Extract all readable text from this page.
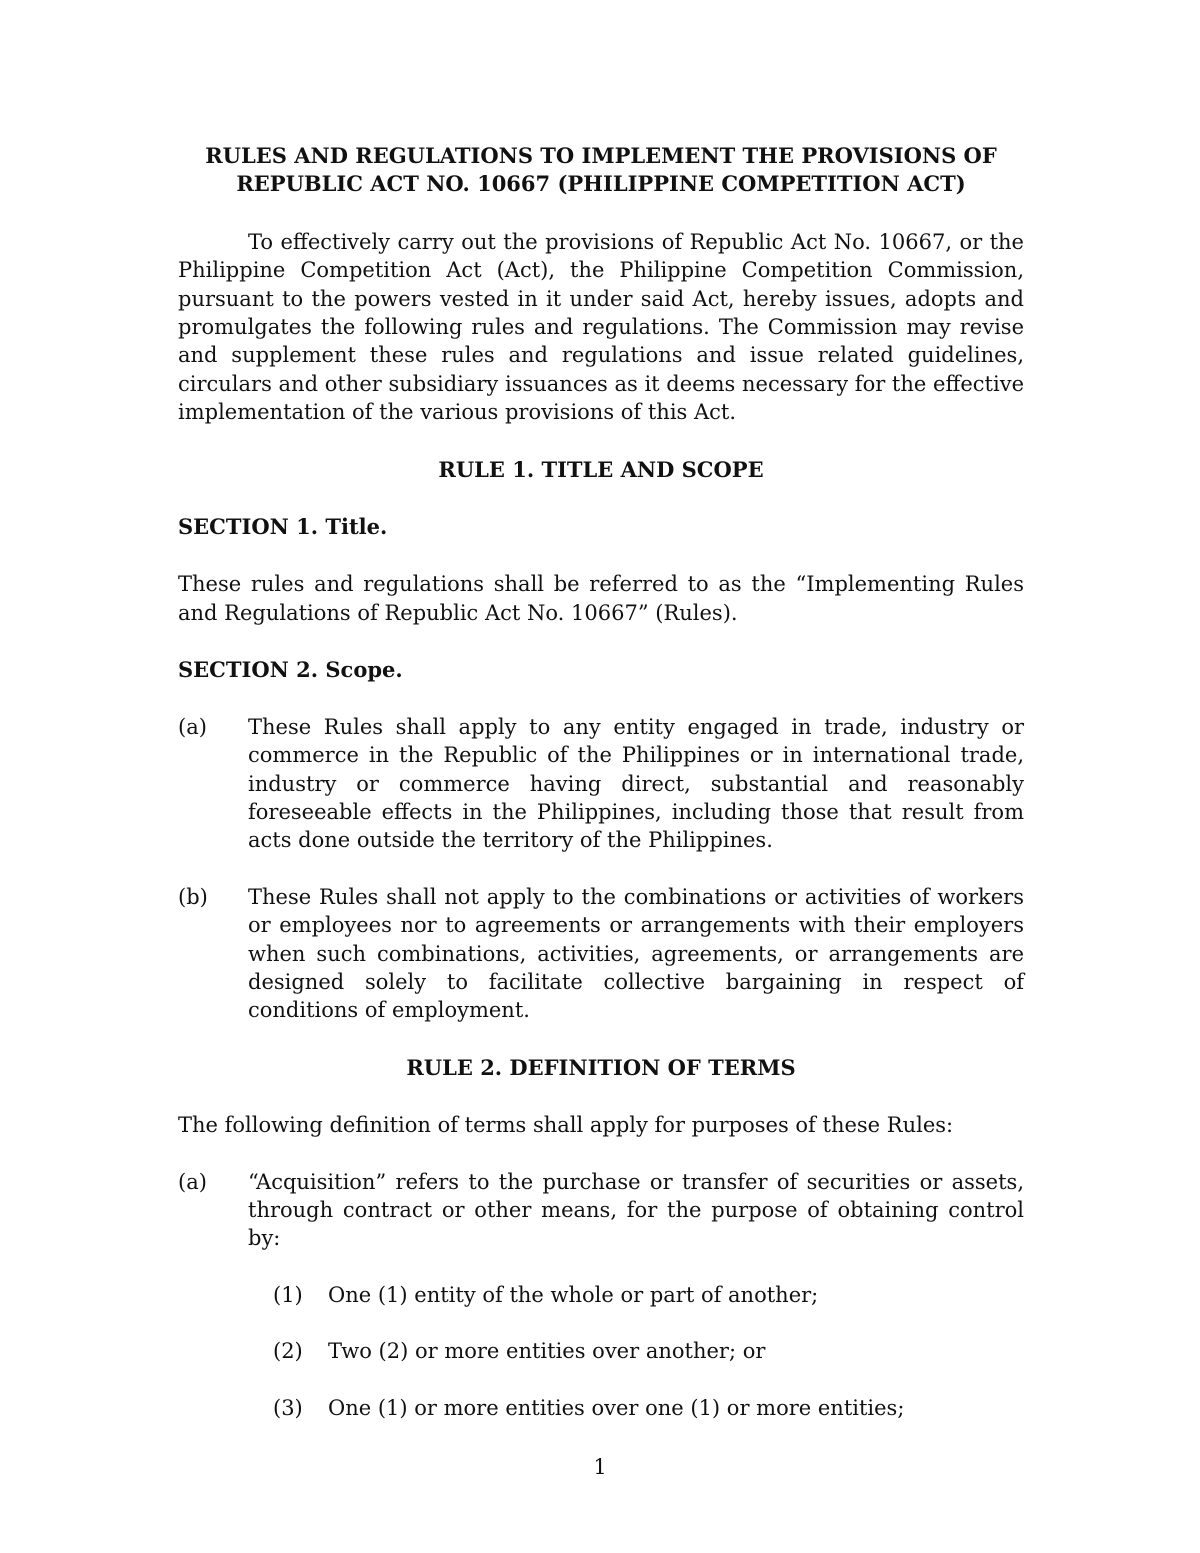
RULES AND REGULATIONS TO IMPLEMENT THE PROVISIONS OF

REPUBLIC ACT NO. 10667 (PHILIPPINE COMPETITION ACT)

To effectively carry out the provisions of Republic Act No. 10667, or the Philippine Competition Act (Act), the Philippine Competition Commission, pursuant to the powers vested in it under said Act, hereby issues, adopts and promulgates the following rules and regulations. The Commission may revise and supplement these rules and regulations and issue related guidelines, circulars and other subsidiary issuances as it deems necessary for the effective implementation of the various provisions of this Act.

RULE 1. TITLE AND SCOPE

SECTION 1. Title.

These rules and regulations shall be referred to as the “Implementing Rules and Regulations of Republic Act No. 10667” (Rules).

SECTION 2. Scope.

(a)	These Rules shall apply to any entity engaged in trade, industry or commerce in the Republic of the Philippines or in international trade, industry or commerce having direct, substantial and reasonably foreseeable effects in the Philippines, including those that result from acts done outside the territory of the Philippines.
(b)	These Rules shall not apply to the combinations or activities of workers or employees nor to agreements or arrangements with their employers when such combinations, activities, agreements, or arrangements are designed solely to facilitate collective bargaining in respect of conditions of employment.

RULE 2. DEFINITION OF TERMS

The following definition of terms shall apply for purposes of these Rules:

(a)	“Acquisition” refers to the purchase or transfer of securities or assets, through contract or other means, for the purpose of obtaining control by:
(1)	One (1) entity of the whole or part of another;
(2)	Two (2) or more entities over another; or
(3)	One (1) or more entities over one (1) or more entities;
1
